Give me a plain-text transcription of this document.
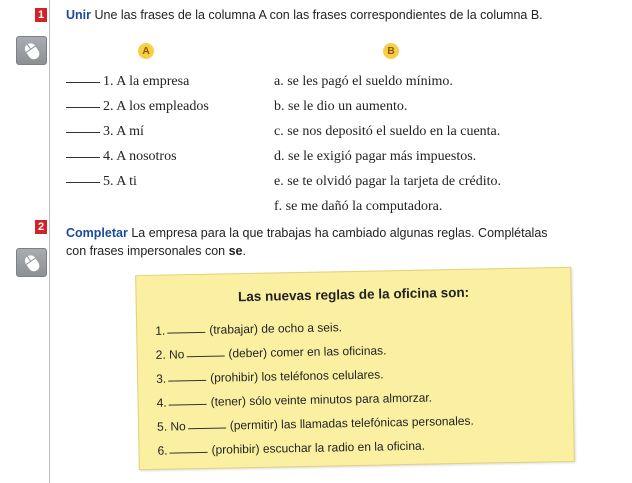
1 Unir Une las frases de la columna A con las frases correspondientes de la columna B.
A	B
1. A la empresa
2. A los empleados
3. A mí
4. A nosotros
5. A ti
a. se les pagó el sueldo mínimo.
b. se le dio un aumento.
c. se nos depositó el sueldo en la cuenta.
d. se le exigió pagar más impuestos.
e. se te olvidó pagar la tarjeta de crédito.
f. se me dañó la computadora.
2 Completar La empresa para la que trabajas ha cambiado algunas reglas. Complétalas
con frases impersonales con se.
Las nuevas reglas de la oficina son:
1.	(trabajar) de ocho a seis.
2. No	(deber) comer en las oficinas.
3.	(prohibir) los teléfonos celulares.
4.	(tener) sólo veinte minutos para almorzar.
5. No	(permitir) las llamadas telefónicas personales.
6.	(prohibir) escuchar la radio en la oficina.
